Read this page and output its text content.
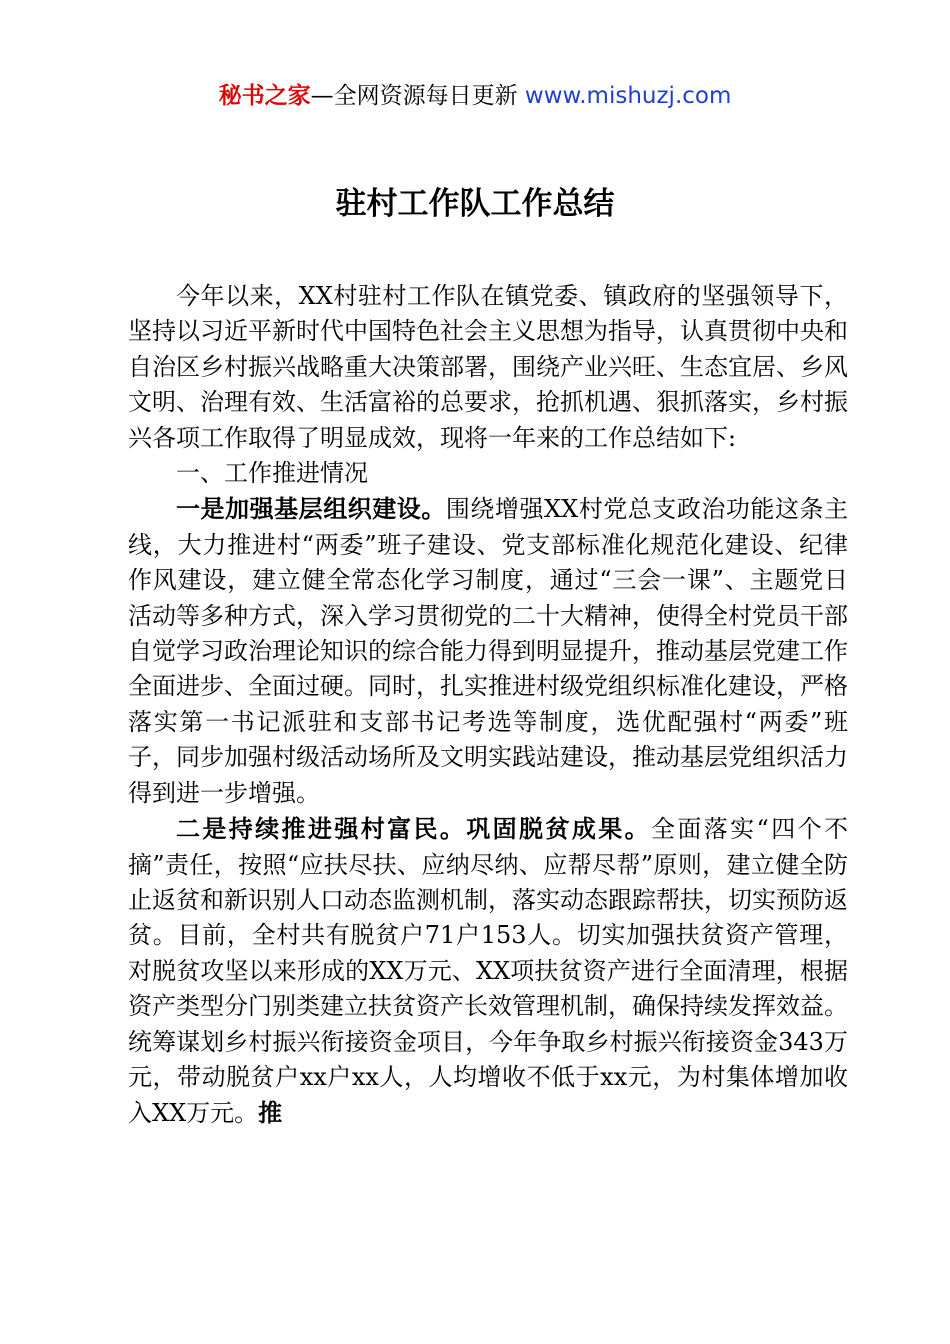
秘书之家—全网资源每日更新 www.mishuzj.com
驻村工作队工作总结

今年以来，XX村驻村工作队在镇党委、镇政府的坚强领导下，坚持以习近平新时代中国特色社会主义思想为指导，认真贯彻中央和自治区乡村振兴战略重大决策部署，围绕产业兴旺、生态宜居、乡风文明、治理有效、生活富裕的总要求，抢抓机遇、狠抓落实，乡村振兴各项工作取得了明显成效，现将一年来的工作总结如下:

一、工作推进情况

一是加强基层组织建设。围绕增强XX村党总支政治功能这条主线，大力推进村“两委”班子建设、党支部标准化规范化建设、纪律作风建设，建立健全常态化学习制度，通过“三会一课”、主题党日活动等多种方式，深入学习贯彻党的二十大精神，使得全村党员干部自觉学习政治理论知识的综合能力得到明显提升，推动基层党建工作全面进步、全面过硬。同时，扎实推进村级党组织标准化建设，严格落实第一书记派驻和支部书记考选等制度，选优配强村“两委”班子，同步加强村级活动场所及文明实践站建设，推动基层党组织活力得到进一步增强。

二是持续推进强村富民。巩固脱贫成果。全面落实“四个不摘”责任，按照“应扶尽扶、应纳尽纳、应帮尽帮”原则，建立健全防止返贫和新识别人口动态监测机制，落实动态跟踪帮扶，切实预防返贫。目前，全村共有脱贫户71户153人。切实加强扶贫资产管理，对脱贫攻坚以来形成的XX万元、XX项扶贫资产进行全面清理，根据资产类型分门别类建立扶贫资产长效管理机制，确保持续发挥效益。统筹谋划乡村振兴衔接资金项目，今年争取乡村振兴衔接资金343万元，带动脱贫户xx户xx人，人均增收不低于xx元，为村集体增加收入XX万元。推
